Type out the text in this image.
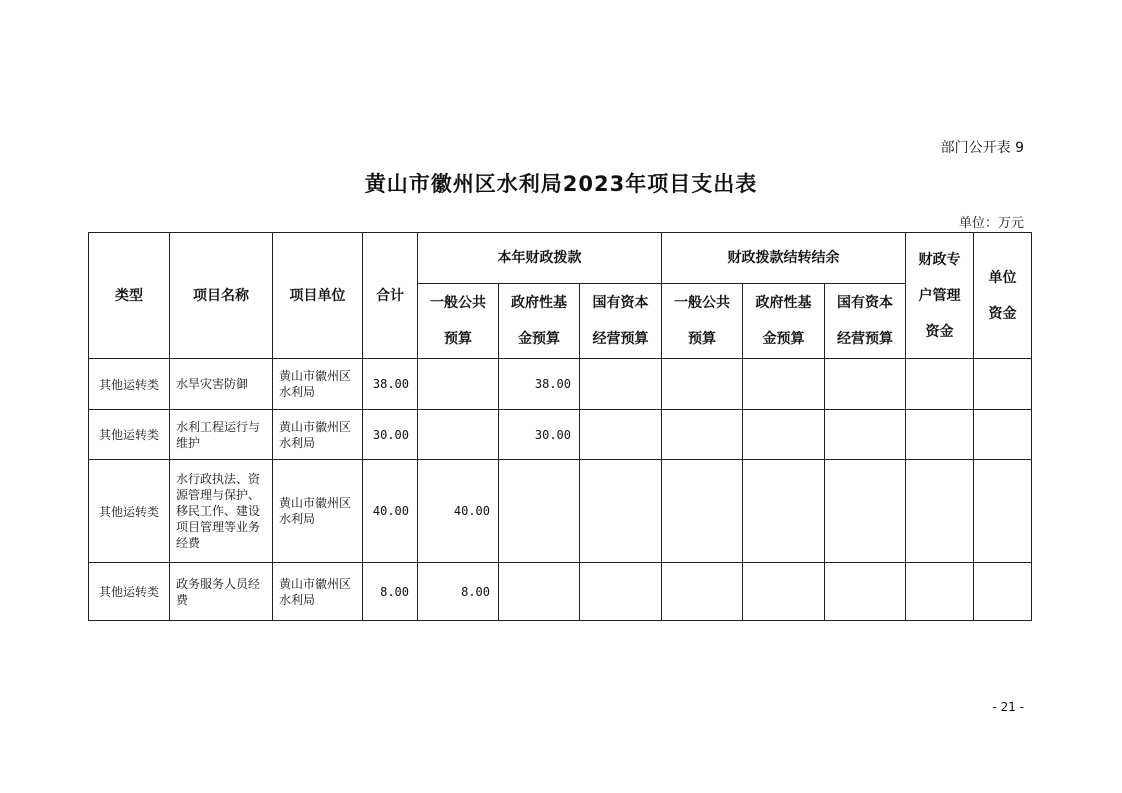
部门公开表 9
黄山市徽州区水利局2023年项目支出表
单位：万元
类型	项目名称	项目单位	合计	本年财政拨款			财政拨款结转结余			财政专户管理资金	单位资金
				一般公共预算	政府性基金预算	国有资本经营预算	一般公共预算	政府性基金预算	国有资本经营预算		
其他运转类	水旱灾害防御	黄山市徽州区水利局	38.00		38.00						
其他运转类	水利工程运行与维护	黄山市徽州区水利局	30.00		30.00						
其他运转类	水行政执法、资源管理与保护、移民工作、建设项目管理等业务经费	黄山市徽州区水利局	40.00	40.00							
其他运转类	政务服务人员经费	黄山市徽州区水利局	8.00	8.00							
- 21 -
